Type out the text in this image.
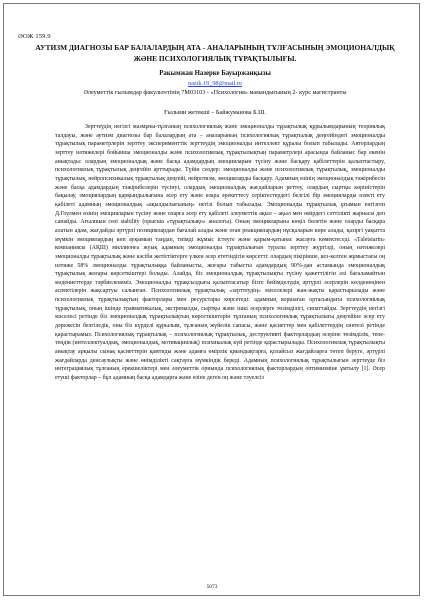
ӘОЖ 159.9
АУТИЗМ ДИАГНОЗЫ БАР БАЛАЛАРДЫҢ АТА - АНАЛАРЫНЫҢ ТҰЛҒАСЫНЫҢ ЭМОЦИОНАЛДЫҚ ЖӘНЕ ПСИХОЛОГИЯЛЫҚ ТҰРАҚТЫЛЫҒЫ.
Ракымжан Назерке Бауыржанқызы
nazik.19_98@mail.ru
Әлеуметтік ғылымдар факультетінің 7М03103 - «Психология» мамандығының 2- курс магистранты
Ғылыми жетекші – Байжуманова Б.Ш.

Зерттеудің негізгі мазмұны-тұлғаның психологиялық және эмоционалды тұрақтылық құрылымдарының теориялық талдауы, және аутизм диагнозы бар балалардың ата – аналарының психологиялық тұрақтылық деңгейіндегі эмоционалды тұрақтылық параметрлерін зерттеу эксперименттік зерттеудің эмоционалды интеллект құралы болып табылады. Авторлардың зерттеу нәтижелері бойынша эмоционалды және психологиялық тұрақтылықтың параметрлері арасында байланыс бар екенін анықтады: олардың эмоционалдық және басқа адамдардың эмоцияларын түсіну және басқару қабілеттерін қалыптастыру, психологиялық тұрақтылық деңгейін арттырады. Түйін сөздер: эмоционалды және психологиялық тұрақтылық, эмоционалды тұрақтылық, нейропсихикалық тұрақтылық деңгейі, нейротизм, эмоцияларды басқару. Адамның өзінің эмоционалдық тәжірибесін және басқа адамдардың тәжірибелерін түсінуі, олардың эмоционалдық жағдайларын реттеу, олардың сыртқы көріністерін бақылау, эмоциялардың қарқындылығына әсер ету және өзара әрекеттесу серіктестердегі белгілі бір эмоцияларды өзекті ету қабілеті адамның эмоционалдық «ақылдылығының» негізі болып табылады. Эмоционалды тұрақтылық ұғымын енгізген Д.Гоулмен өзінің эмоцияларын түсіну және оларға әсер ету қабілеті әлеуметтік ақыл – ақыл мен өмірдегі сәттілікті жарнасы деп санайды. Ағылшын сөзі stability (орысша «тұрақтылықо» аналогы). Оның эмоцияларына көңіл бөлетін және оларды басқара алатын адам, жағдайды әртүрлі позициялардан бағалай алады және оған реакциялардың нұсқаларын көре алады, қазіргі уақытта мүмкін эмоциялардың көп ауқымын таңдап, тиімді жұмыс істеуге және қарым-қатынас жасауға көмектеседі. «Таletstarin» компаниясы (АҚШ) миллионға жуық адамның эмоционалды тұрақтылығын туралы зерттеу жүргізді, оның нәтижелері эмоционалды тұрақтылық және кәсіби жетістіктерге үлкен әсер ететіндігін көрсетті: олардың пікірінше, кез-келген жұмыстағы оң нәтиже 58% эмоционалды тұрақтылыққа байланысты, жоғары табысты адамдардың 90%-дан астамында эмоционалдық тұрақтылық жоғары көрсеткіштері болады. Алайда, біз эмоционалдық тұрақтылықты түсіну қажеттілігін әлі бағаламайтын мәдениеттерде тәрбиеленеміз. Эмоционалды тұрақсыздығы қалыптасатыр бізге бейімделудің әртүрлі әсерлерін көлденеңінен аспектілерін жақсартуы салынған. Психологиялық тұрақтылық «зерттеудің» мәселелері жан-жақты қарастырылады және психологиялық тұрақтылықтың факторлары мен ресурстары көрсетеді: адамның коршаған ортасындағы психологиялық тұрақтылық, оның ішінде травматикалық, экстремалды, сыртқы және ішкі әсерлерге төзімділігі, сипаттайды. Зерттеудің негізгі мәселесі ретінде біз эмоционалдық тұрақтылықтың көрсеткіштерін тұлғаның психологиялық тұрақтылығы деңгейіне әсер ету дәрежесін белгіледік, оны біз күрделі құрылым, тұлғаның жүйелік сапасы, және қасиеттер мен қабілеттердің синтезі ретінде қарастырамыз. Психологиялық тұрақтылық – психологиялық тұрақтылық, деструктивті факторлардың әсеріне төзімділік, тепе-теңдік (интеллектуалдық, эмоционалдық, мотивациялық) психикалық күй ретінде қарастырылады. Психологиялық тұрақтылықты анықтау арқылы сынақ қасиеттерін қамтиды және адамға өмірлік қиындықтарға, қолайсыз жағдайларға төтеп беруге, әртүрлі жағдайларда денсаулықты және өнімділікті сақтауға мүмкіндік береді. Адамның психологиялық тұрақтылығын зерттеуде біз интеграциялық тұлғаның ерекшеліктері мен әлеуметтік орнында психологиялық факторлардың оптимизміне ұмтылу [1]. Әсер етуші факторлар – бұл адамның басқа адамдарға және өзіне деген оң және тәуелсіз

5073
